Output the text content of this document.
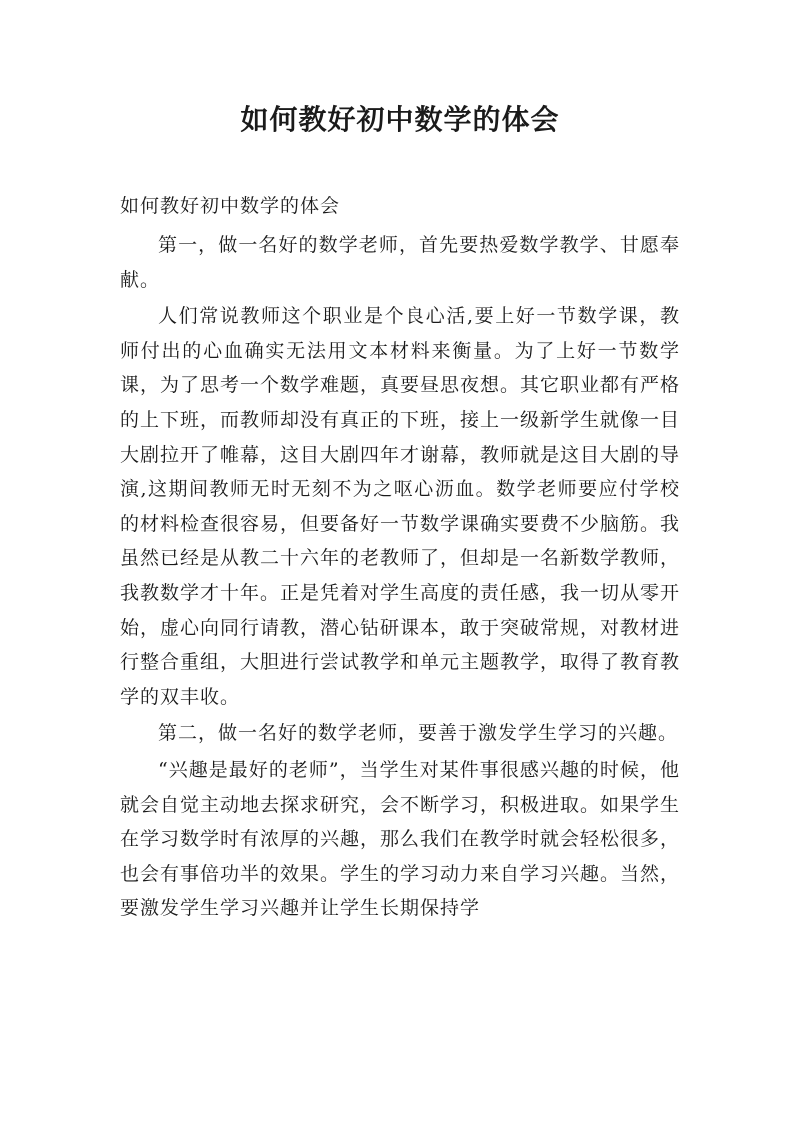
如何教好初中数学的体会

如何教好初中数学的体会

第一，做一名好的数学老师，首先要热爱数学教学、甘愿奉献。

人们常说教师这个职业是个良心活,要上好一节数学课，教师付出的心血确实无法用文本材料来衡量。为了上好一节数学课，为了思考一个数学难题，真要昼思夜想。其它职业都有严格的上下班，而教师却没有真正的下班，接上一级新学生就像一目大剧拉开了帷幕，这目大剧四年才谢幕，教师就是这目大剧的导演,这期间教师无时无刻不为之呕心沥血。数学老师要应付学校的材料检查很容易，但要备好一节数学课确实要费不少脑筋。我虽然已经是从教二十六年的老教师了，但却是一名新数学教师，我教数学才十年。正是凭着对学生高度的责任感，我一切从零开始，虚心向同行请教，潜心钻研课本，敢于突破常规，对教材进行整合重组，大胆进行尝试教学和单元主题教学，取得了教育教学的双丰收。

第二，做一名好的数学老师，要善于激发学生学习的兴趣。

“兴趣是最好的老师”，当学生对某件事很感兴趣的时候，他就会自觉主动地去探求研究，会不断学习，积极进取。如果学生在学习数学时有浓厚的兴趣，那么我们在教学时就会轻松很多，也会有事倍功半的效果。学生的学习动力来自学习兴趣。当然，要激发学生学习兴趣并让学生长期保持学
